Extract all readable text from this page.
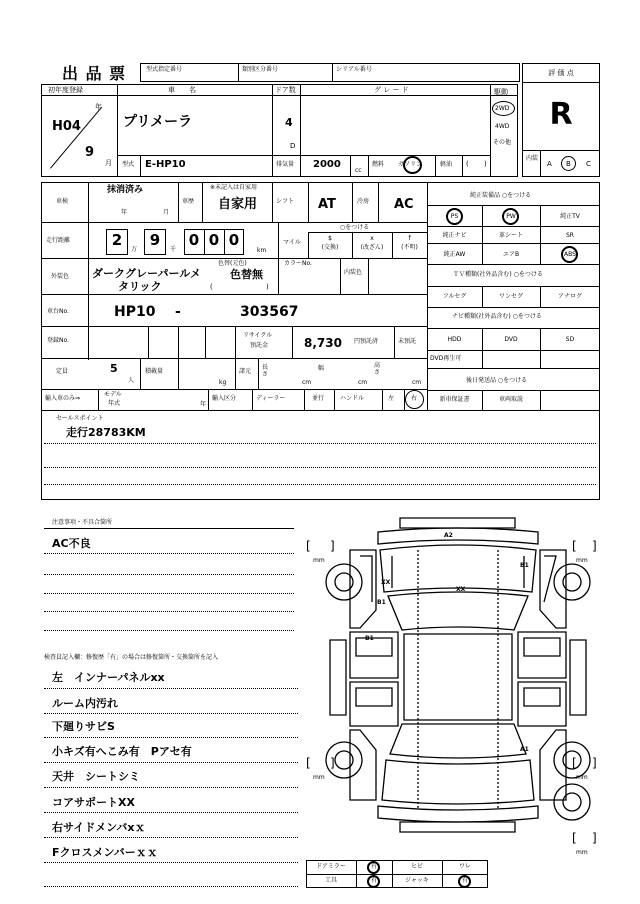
出 品 票	型式指定番号	類別区分番号	シリアル番号	評 価 点
R
内装
A B C
初年度登録	車　　名	ドア数	グ レ ー ド	駆動
年
H04
9
月
プリメーラ	4
D
2WD
4WD
その他
型式 E-HP10	排気量 2000
cc
燃料 ガソリン	軽油 ( )
車検
抹消済み
年	月
車歴
※未記入は自家用
自家用	シフト AT	冷房 AC
走行距離	2
万
9
千
0 0 0
km
マイル
○をつける
$
(交換)
x
(改ざん)
f
(不明)
外装色 ダークグレーパールメ
タリック
色替(元色)
色替無
(	)
カラーNo.
内装色
車台No.	HP10 -	303567
登録No.
リサイクル
預託金	8,730 円預託済	未預託
定員	5
人
積載量
kg
諸元
長さ
cm
幅
cm
高さ
cm
輸入車のみ⇒
モデル
年式	年
輸入区分	ディーラー	並行	ハンドル	左	右
純正装備品 ○をつける
PS	PW	純正TV
純正ナビ	革シート	SR
純正AW	エアB	ABS
ＴＶ種類(社外品含む) ○をつける
フルセグ	ワンセグ	アナログ
ナビ種類(社外品含む) ○をつける
HDD	DVD	SD
DVD再生可
後日発送品 ○をつける
新車保証書	車両取説
セールスポイント
走行28783KM
注意事項・不具合箇所
AC不良
検査員記入欄：修復歴「有」の場合は修復箇所・交換箇所を記入
左　インナーパネルxx
ルーム内汚れ
下廻りサビS
小キズ有へこみ有　Pアセ有
天井　シートシミ
コアサポートXX
右サイドメンバxｘ
Fクロスメンバーｘｘ
A2
XX
XX
B1
B1
B1
A1
[ ]
mm
[ ]
mm
[ ]
mm
[ ]
mm
[ ]
mm
ドアミラー	有	ヒビ	ワレ
工具	有	ジャッキ	有
